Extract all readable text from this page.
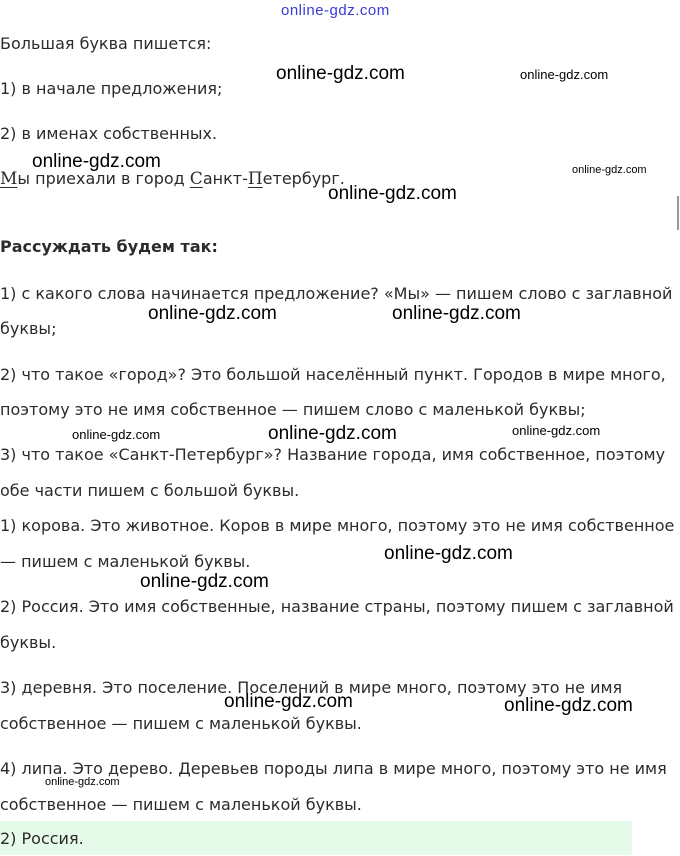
online-gdz.com
Большая буква пишется:
1) в начале предложения;
2) в именах собственных.
Мы приехали в город Санкт-Петербург.
Рассуждать будем так:
1) с какого слова начинается предложение? «Мы» — пишем слово с заглавной
буквы;
2) что такое «город»? Это большой населённый пункт. Городов в мире много,
поэтому это не имя собственное — пишем слово с маленькой буквы;
3) что такое «Санкт-Петербург»? Название города, имя собственное, поэтому
обе части пишем с большой буквы.
1) корова. Это животное. Коров в мире много, поэтому это не имя собственное
— пишем с маленькой буквы.
2) Россия. Это имя собственные, название страны, поэтому пишем с заглавной
буквы.
3) деревня. Это поселение. Поселений в мире много, поэтому это не имя
собственное — пишем с маленькой буквы.
4) липа. Это дерево. Деревьев породы липа в мире много, поэтому это не имя
собственное — пишем с маленькой буквы.
2) Россия.
online-gdz.com	online-gdz.com
online-gdz.com	online-gdz.com
online-gdz.com
online-gdz.com	online-gdz.com
online-gdz.com	online-gdz.com	online-gdz.com
online-gdz.com
online-gdz.com
online-gdz.com	online-gdz.com
online-gdz.com
